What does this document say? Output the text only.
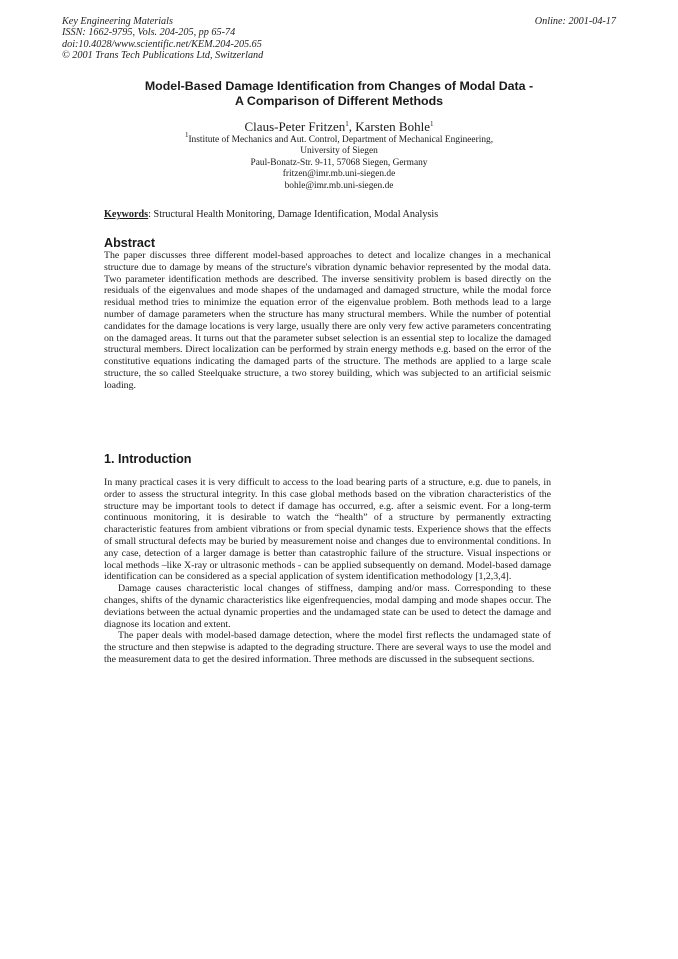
Key Engineering Materials
ISSN: 1662-9795, Vols. 204-205, pp 65-74
doi:10.4028/www.scientific.net/KEM.204-205.65
© 2001 Trans Tech Publications Ltd, Switzerland
Online: 2001-04-17
Model-Based Damage Identification from Changes of Modal Data -
A Comparison of Different Methods
Claus-Peter Fritzen$^1$, Karsten Bohle$^1$
$^1$Institute of Mechanics and Aut. Control, Department of Mechanical Engineering,
University of Siegen
Paul-Bonatz-Str. 9-11, 57068 Siegen, Germany
fritzen@imr.mb.uni-siegen.de
bohle@imr.mb.uni-siegen.de
Keywords: Structural Health Monitoring, Damage Identification, Modal Analysis
Abstract

The paper discusses three different model-based approaches to detect and localize changes in a mechanical structure due to damage by means of the structure's vibration dynamic behavior represented by the modal data. Two parameter identification methods are described. The inverse sensitivity problem is based directly on the residuals of the eigenvalues and mode shapes of the undamaged and damaged structure, while the modal force residual method tries to minimize the equation error of the eigenvalue problem. Both methods lead to a large number of damage parameters when the structure has many structural members. While the number of potential candidates for the damage locations is very large, usually there are only very few active parameters concentrating on the damaged areas. It turns out that the parameter subset selection is an essential step to localize the damaged structural members. Direct localization can be performed by strain energy methods e.g. based on the error of the constitutive equations indicating the damaged parts of the structure. The methods are applied to a large scale structure, the so called Steelquake structure, a two storey building, which was subjected to an artificial seismic loading.

1. Introduction

In many practical cases it is very difficult to access to the load bearing parts of a structure, e.g. due to panels, in order to assess the structural integrity. In this case global methods based on the vibration characteristics of the structure may be important tools to detect if damage has occurred, e.g. after a seismic event. For a long-term continuous monitoring, it is desirable to watch the “health” of a structure by permanently extracting characteristic features from ambient vibrations or from special dynamic tests. Experience shows that the effects of small structural defects may be buried by measurement noise and changes due to environmental conditions. In any case, detection of a larger damage is better than catastrophic failure of the structure. Visual inspections or local methods –like X-ray or ultrasonic methods - can be applied subsequently on demand. Model-based damage identification can be considered as a special application of system identification methodology [1,2,3,4].

Damage causes characteristic local changes of stiffness, damping and/or mass. Corresponding to these changes, shifts of the dynamic characteristics like eigenfrequencies, modal damping and mode shapes occur. The deviations between the actual dynamic properties and the undamaged state can be used to detect the damage and diagnose its location and extent.

The paper deals with model-based damage detection, where the model first reflects the undamaged state of the structure and then stepwise is adapted to the degrading structure. There are several ways to use the model and the measurement data to get the desired information. Three methods are discussed in the subsequent sections.
